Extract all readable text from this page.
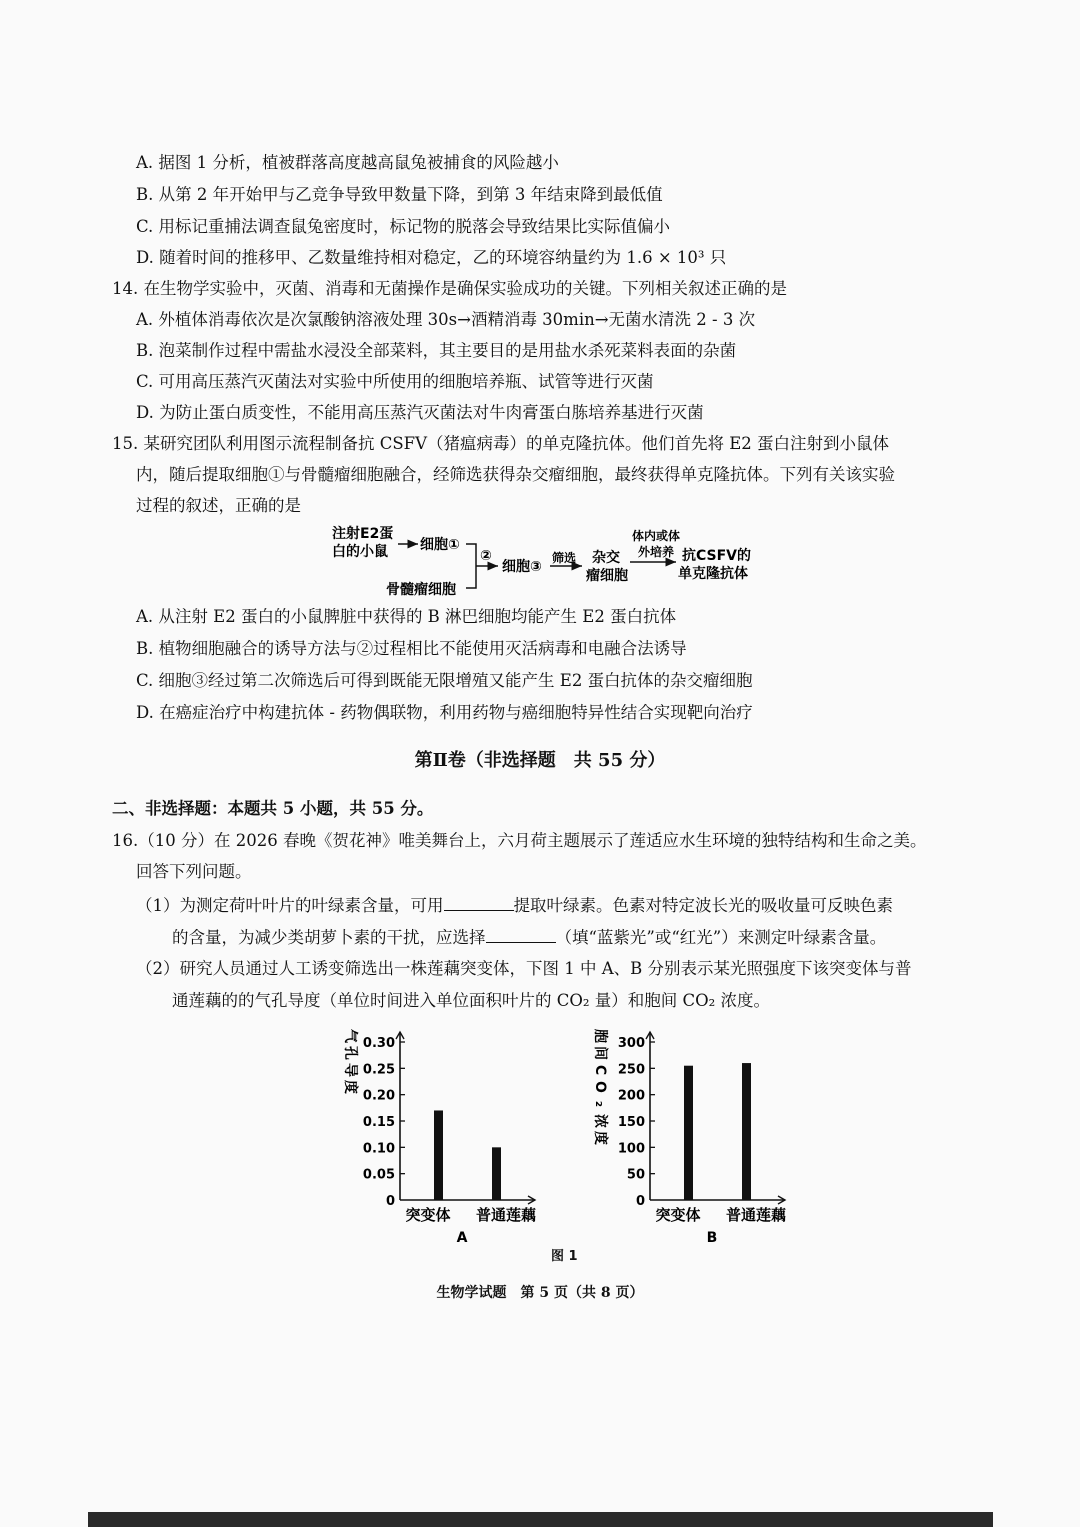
A. 据图 1 分析，植被群落高度越高鼠兔被捕食的风险越小
B. 从第 2 年开始甲与乙竞争导致甲数量下降，到第 3 年结束降到最低值
C. 用标记重捕法调查鼠兔密度时，标记物的脱落会导致结果比实际值偏小
D. 随着时间的推移甲、乙数量维持相对稳定，乙的环境容纳量约为 1.6 × 10³ 只
14. 在生物学实验中，灭菌、消毒和无菌操作是确保实验成功的关键。下列相关叙述正确的是
A. 外植体消毒依次是次氯酸钠溶液处理 30s→酒精消毒 30min→无菌水清洗 2 - 3 次
B. 泡菜制作过程中需盐水浸没全部菜料，其主要目的是用盐水杀死菜料表面的杂菌
C. 可用高压蒸汽灭菌法对实验中所使用的细胞培养瓶、试管等进行灭菌
D. 为防止蛋白质变性，不能用高压蒸汽灭菌法对牛肉膏蛋白胨培养基进行灭菌
15. 某研究团队利用图示流程制备抗 CSFV（猪瘟病毒）的单克隆抗体。他们首先将 E2 蛋白注射到小鼠体
内，随后提取细胞①与骨髓瘤细胞融合，经筛选获得杂交瘤细胞，最终获得单克隆抗体。下列有关该实验
过程的叙述，正确的是
注射E2蛋
白的小鼠 细胞①
骨髓瘤细胞
②
细胞③
筛选 杂交
瘤细胞
体内或体
外培养 抗CSFV的
单克隆抗体
A. 从注射 E2 蛋白的小鼠脾脏中获得的 B 淋巴细胞均能产生 E2 蛋白抗体
B. 植物细胞融合的诱导方法与②过程相比不能使用灭活病毒和电融合法诱导
C. 细胞③经过第二次筛选后可得到既能无限增殖又能产生 E2 蛋白抗体的杂交瘤细胞
D. 在癌症治疗中构建抗体 - 药物偶联物，利用药物与癌细胞特异性结合实现靶向治疗
第Ⅱ卷（非选择题　共 55 分）
二、非选择题：本题共 5 小题，共 55 分。
16.（10 分）在 2026 春晚《贺花神》唯美舞台上，六月荷主题展示了莲适应水生环境的独特结构和生命之美。
回答下列问题。
（1）为测定荷叶叶片的叶绿素含量，可用	提取叶绿素。色素对特定波长光的吸收量可反映色素
的含量，为减少类胡萝卜素的干扰，应选择	（填“蓝紫光”或“红光”）来测定叶绿素含量。
（2）研究人员通过人工诱变筛选出一株莲藕突变体，下图 1 中 A、B 分别表示某光照强度下该突变体与普
通莲藕的的气孔导度（单位时间进入单位面积叶片的 CO₂ 量）和胞间 CO₂ 浓度。
0
0.05
0.10
0.15
0.20
0.25
0.30
气
孔
导
度
突变体 普通莲藕
A
0
50
100
150
200
250
300
胞
间
C
O
₂
浓
度
突变体 普通莲藕
B
图 1
生物学试题　第 5 页（共 8 页）
